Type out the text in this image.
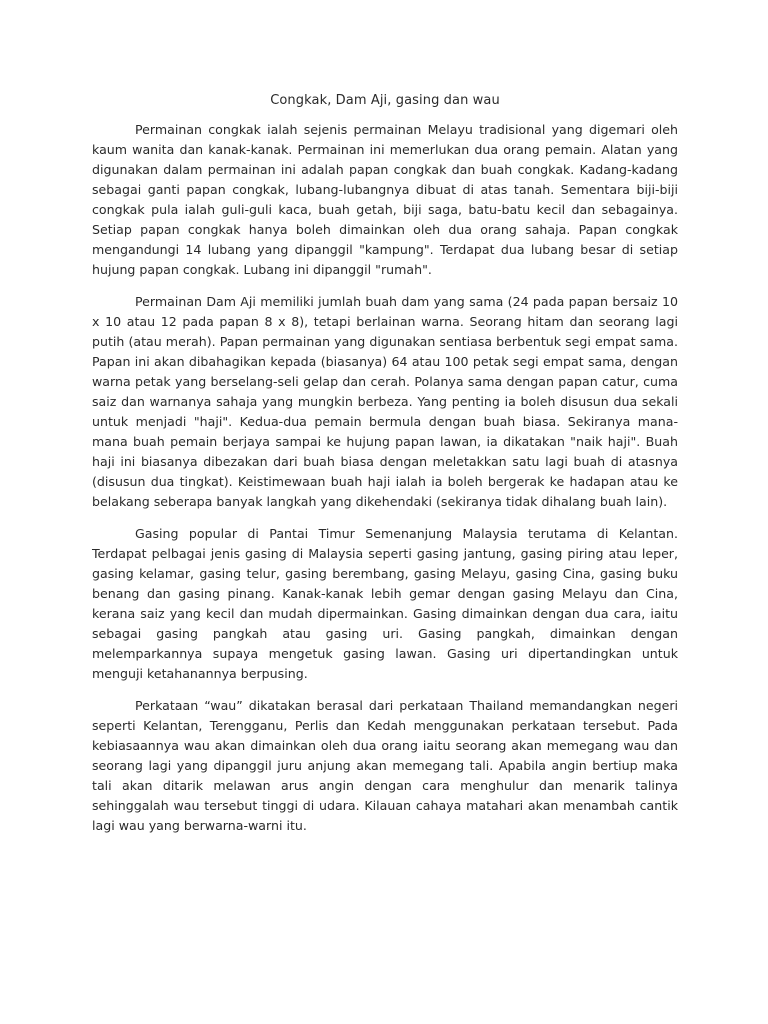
Congkak, Dam Aji, gasing dan wau

Permainan congkak ialah sejenis permainan Melayu tradisional yang digemari oleh kaum wanita dan kanak-kanak. Permainan ini memerlukan dua orang pemain. Alatan yang digunakan dalam permainan ini adalah papan congkak dan buah congkak. Kadang-kadang sebagai ganti papan congkak, lubang-lubangnya dibuat di atas tanah. Sementara biji-biji congkak pula ialah guli-guli kaca, buah getah, biji saga, batu-batu kecil dan sebagainya. Setiap papan congkak hanya boleh dimainkan oleh dua orang sahaja. Papan congkak mengandungi 14 lubang yang dipanggil "kampung". Terdapat dua lubang besar di setiap hujung papan congkak. Lubang ini dipanggil "rumah".

Permainan Dam Aji memiliki jumlah buah dam yang sama (24 pada papan bersaiz 10 x 10 atau 12 pada papan 8 x 8), tetapi berlainan warna. Seorang hitam dan seorang lagi putih (atau merah). Papan permainan yang digunakan sentiasa berbentuk segi empat sama. Papan ini akan dibahagikan kepada (biasanya) 64 atau 100 petak segi empat sama, dengan warna petak yang berselang-seli gelap dan cerah. Polanya sama dengan papan catur, cuma saiz dan warnanya sahaja yang mungkin berbeza. Yang penting ia boleh disusun dua sekali untuk menjadi "haji". Kedua-dua pemain bermula dengan buah biasa. Sekiranya mana-mana buah pemain berjaya sampai ke hujung papan lawan, ia dikatakan "naik haji". Buah haji ini biasanya dibezakan dari buah biasa dengan meletakkan satu lagi buah di atasnya (disusun dua tingkat). Keistimewaan buah haji ialah ia boleh bergerak ke hadapan atau ke belakang seberapa banyak langkah yang dikehendaki (sekiranya tidak dihalang buah lain).

Gasing popular di Pantai Timur Semenanjung Malaysia terutama di Kelantan. Terdapat pelbagai jenis gasing di Malaysia seperti gasing jantung, gasing piring atau leper, gasing kelamar, gasing telur, gasing berembang, gasing Melayu, gasing Cina, gasing buku benang dan gasing pinang. Kanak-kanak lebih gemar dengan gasing Melayu dan Cina, kerana saiz yang kecil dan mudah dipermainkan. Gasing dimainkan dengan dua cara, iaitu sebagai gasing pangkah atau gasing uri. Gasing pangkah, dimainkan dengan melemparkannya supaya mengetuk gasing lawan. Gasing uri dipertandingkan untuk menguji ketahanannya berpusing.

Perkataan “wau” dikatakan berasal dari perkataan Thailand memandangkan negeri seperti Kelantan, Terengganu, Perlis dan Kedah menggunakan perkataan tersebut. Pada kebiasaannya wau akan dimainkan oleh dua orang iaitu seorang akan memegang wau dan seorang lagi yang dipanggil juru anjung akan memegang tali. Apabila angin bertiup maka tali akan ditarik melawan arus angin dengan cara menghulur dan menarik talinya sehinggalah wau tersebut tinggi di udara. Kilauan cahaya matahari akan menambah cantik lagi wau yang berwarna-warni itu.
